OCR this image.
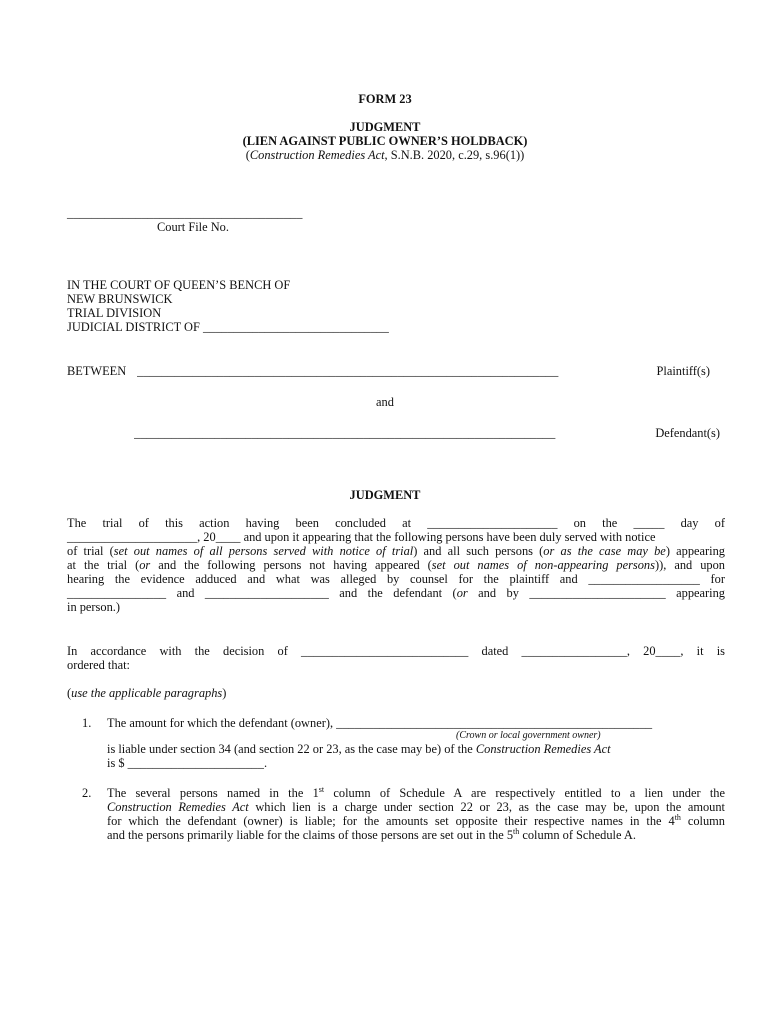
FORM 23
JUDGMENT
(LIEN AGAINST PUBLIC OWNER’S HOLDBACK)
(Construction Remedies Act, S.N.B. 2020, c.29, s.96(1))
______________________________________
Court File No.
IN THE COURT OF QUEEN’S BENCH OF
NEW BRUNSWICK
TRIAL DIVISION
JUDICIAL DISTRICT OF ______________________________
BETWEEN ____________________________________________________________________	Plaintiff(s)
and
____________________________________________________________________	Defendant(s)
JUDGMENT
The trial of this action having been concluded at _____________________ on the _____ day of
_____________________, 20____ and upon it appearing that the following persons have been duly served with notice
of trial (set out names of all persons served with notice of trial) and all such persons (or as the case may be) appearing
at the trial (or and the following persons not having appeared (set out names of non-appearing persons)), and upon
hearing the evidence adduced and what was alleged by counsel for the plaintiff and __________________ for
________________ and ____________________ and the defendant (or and by ______________________ appearing
in person.)
In accordance with the decision of ___________________________ dated _________________, 20____, it is
ordered that:
(use the applicable paragraphs)
1. The amount for which the defendant (owner), ___________________________________________________
(Crown or local government owner)
is liable under section 34 (and section 22 or 23, as the case may be) of the Construction Remedies Act
is $ ______________________.
2. The several persons named in the 1st column of Schedule A are respectively entitled to a lien under the
Construction Remedies Act which lien is a charge under section 22 or 23, as the case may be, upon the amount
for which the defendant (owner) is liable; for the amounts set opposite their respective names in the 4th column
and the persons primarily liable for the claims of those persons are set out in the 5th column of Schedule A.
